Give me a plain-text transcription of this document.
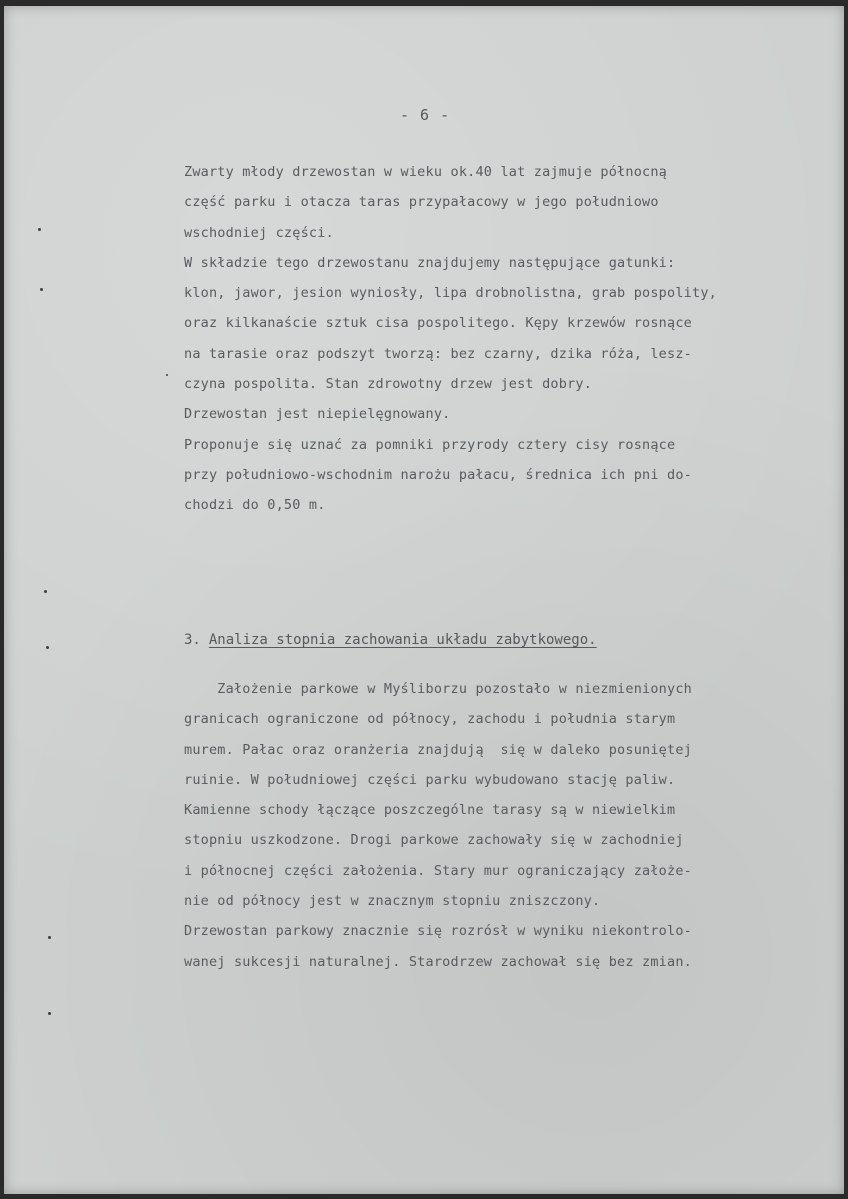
- 6 -

Zwarty młody drzewostan w wieku ok.40 lat zajmuje północną

część parku i otacza taras przypałacowy w jego południowo

wschodniej części.

W składzie tego drzewostanu znajdujemy następujące gatunki:

klon, jawor, jesion wyniosły, lipa drobnolistna, grab pospolity,

oraz kilkanaście sztuk cisa pospolitego. Kępy krzewów rosnące

na tarasie oraz podszyt tworzą: bez czarny, dzika róża, lesz-

czyna pospolita. Stan zdrowotny drzew jest dobry.

Drzewostan jest niepielęgnowany.

Proponuje się uznać za pomniki przyrody cztery cisy rosnące

przy południowo-wschodnim narożu pałacu, średnica ich pni do-

chodzi do 0,50 m.

3. Analiza stopnia zachowania układu zabytkowego.

Założenie parkowe w Myśliborzu pozostało w niezmienionych

granicach ograniczone od północy, zachodu i południa starym

murem. Pałac oraz oranżeria znajdują  się w daleko posuniętej

ruinie. W południowej części parku wybudowano stację paliw.

Kamienne schody łączące poszczególne tarasy są w niewielkim

stopniu uszkodzone. Drogi parkowe zachowały się w zachodniej

i północnej części założenia. Stary mur ograniczający założe-

nie od północy jest w znacznym stopniu zniszczony.

Drzewostan parkowy znacznie się rozrósł w wyniku niekontrolo-

wanej sukcesji naturalnej. Starodrzew zachował się bez zmian.
